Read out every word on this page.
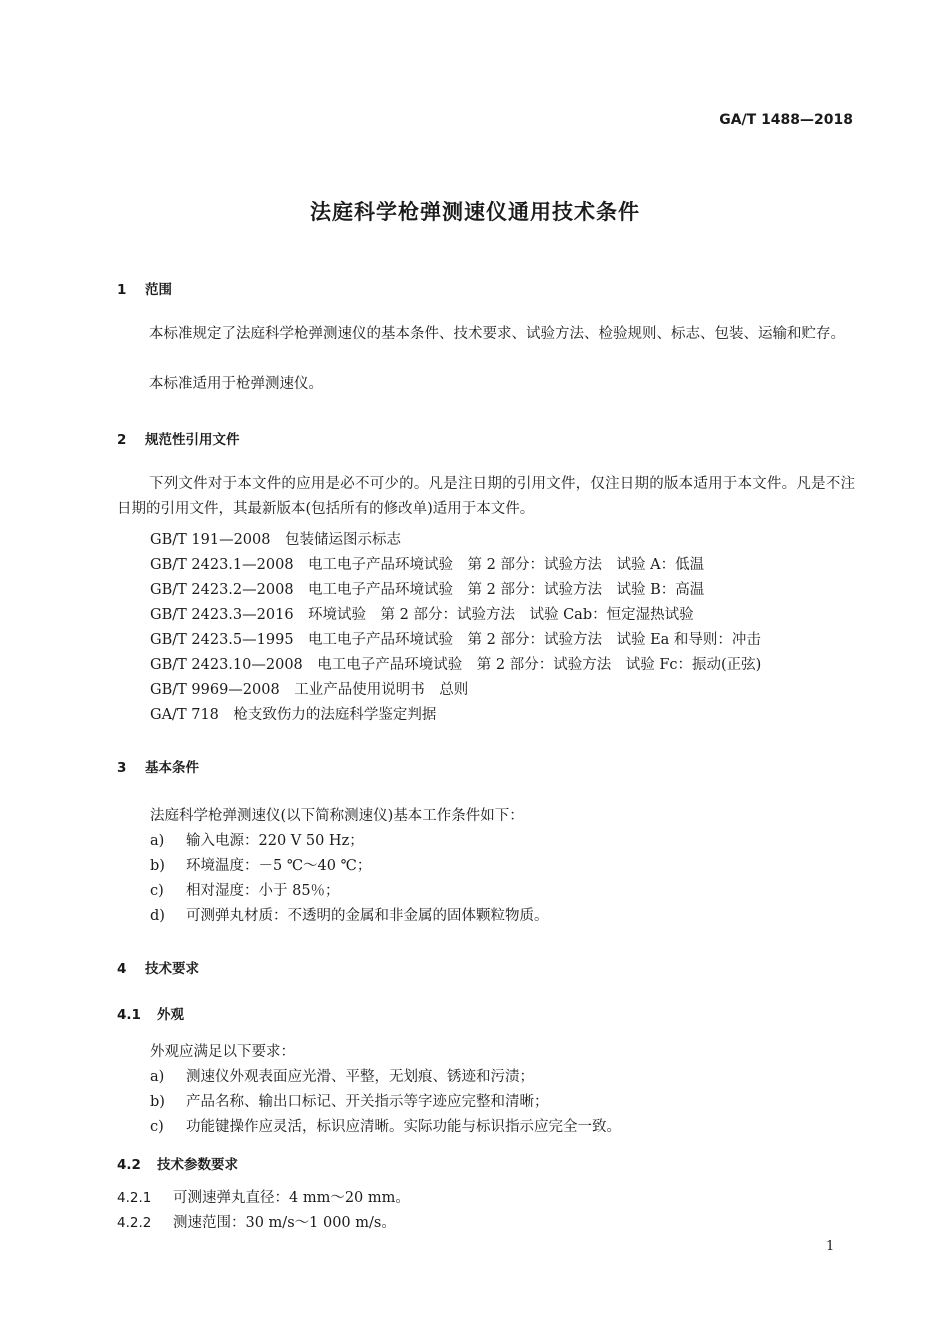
GA/T 1488—2018
法庭科学枪弹测速仪通用技术条件
1 范围
本标准规定了法庭科学枪弹测速仪的基本条件、技术要求、试验方法、检验规则、标志、包装、运输和贮存。
本标准适用于枪弹测速仪。
2 规范性引用文件
下列文件对于本文件的应用是必不可少的。凡是注日期的引用文件，仅注日期的版本适用于本文件。凡是不注日期的引用文件，其最新版本(包括所有的修改单)适用于本文件。
GB/T 191—2008　包装储运图示标志
GB/T 2423.1—2008　电工电子产品环境试验　第 2 部分：试验方法　试验 A：低温
GB/T 2423.2—2008　电工电子产品环境试验　第 2 部分：试验方法　试验 B：高温
GB/T 2423.3—2016　环境试验　第 2 部分：试验方法　试验 Cab：恒定湿热试验
GB/T 2423.5—1995　电工电子产品环境试验　第 2 部分：试验方法　试验 Ea 和导则：冲击
GB/T 2423.10—2008　电工电子产品环境试验　第 2 部分：试验方法　试验 Fc：振动(正弦)
GB/T 9969—2008　工业产品使用说明书　总则
GA/T 718　枪支致伤力的法庭科学鉴定判据
3 基本条件
法庭科学枪弹测速仪(以下简称测速仪)基本工作条件如下：
a) 输入电源：220 V 50 Hz；
b) 环境温度：－5 ℃～40 ℃；
c) 相对湿度：小于 85％；
d) 可测弹丸材质：不透明的金属和非金属的固体颗粒物质。
4 技术要求
4.1 外观
外观应满足以下要求：
a) 测速仪外观表面应光滑、平整，无划痕、锈迹和污渍；
b) 产品名称、输出口标记、开关指示等字迹应完整和清晰；
c) 功能键操作应灵活，标识应清晰。实际功能与标识指示应完全一致。
4.2 技术参数要求
4.2.1 可测速弹丸直径：4 mm～20 mm。
4.2.2 测速范围：30 m/s～1 000 m/s。
1
